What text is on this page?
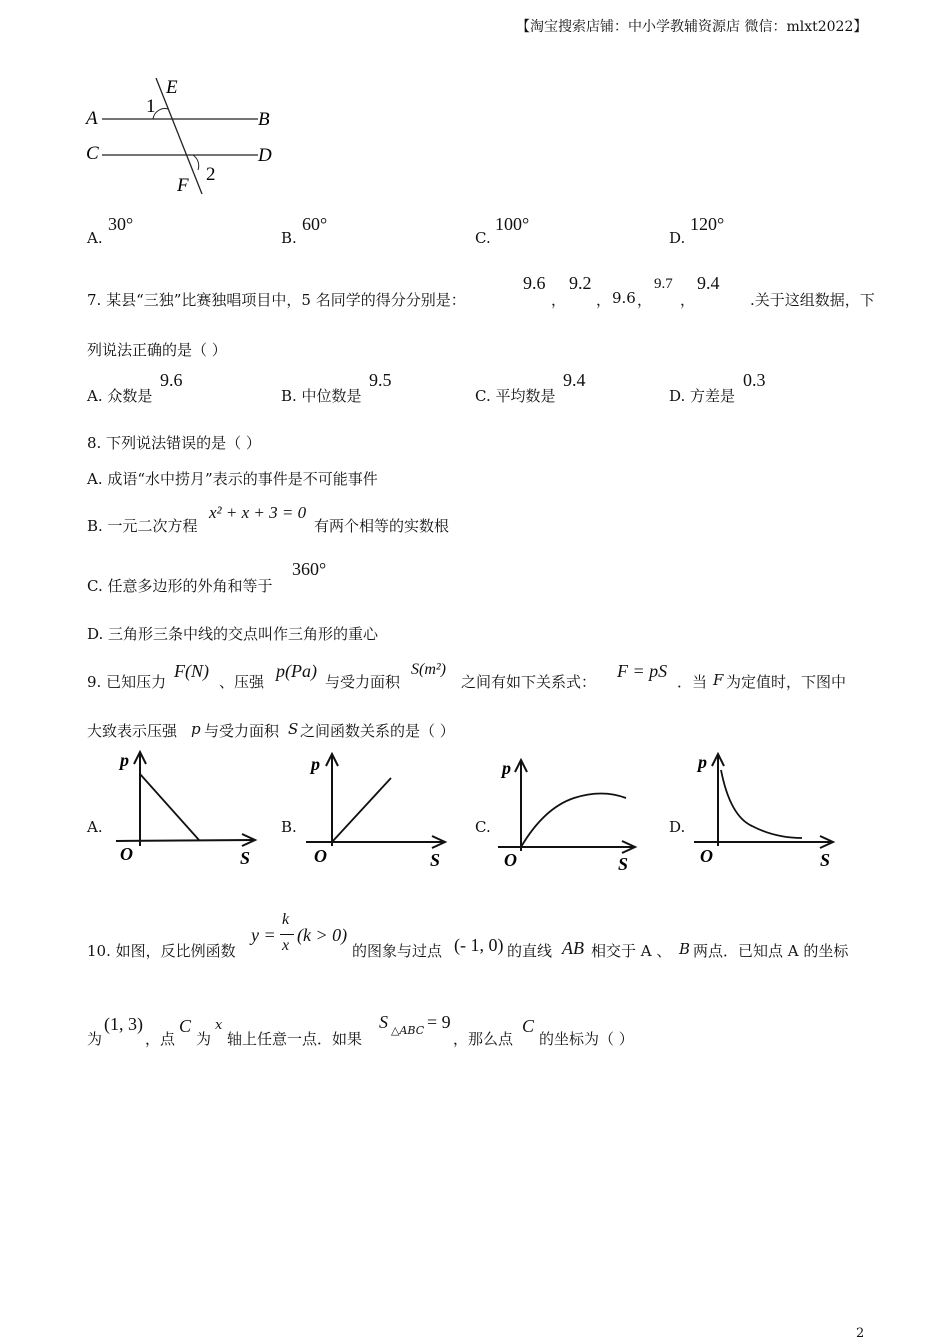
【淘宝搜索店铺：中小学教辅资源店 微信：mlxt2022】
A	B
C	D
E
F
1
2
A.
30°
B.
60°
C.
100°
D.
120°
7. 某县“三独”比赛独唱项目中，5 名同学的得分分别是：
9.6
，
9.2
， 9.6 ，
9.7
，
9.4
.关于这组数据，下
列说法正确的是（ ）
A. 众数是
9.6
B. 中位数是
9.5
C. 平均数是
9.4
D. 方差是
0.3
8. 下列说法错误的是（ ）
A. 成语“水中捞月”表示的事件是不可能事件
B. 一元二次方程
x² + x + 3 = 0
有两个相等的实数根
C. 任意多边形的外角和等于
360°
D. 三角形三条中线的交点叫作三角形的重心
9. 已知压力
F(N)
、压强
p(Pa)
与受力面积
S(m²)
之间有如下关系式：
F = pS
．当 F 为定值时，下图中
大致表示压强 p 与受力面积 S 之间函数关系的是（ ）
A.
p
O	S
B.
p
O	S
C.
p
O	S
D.
p
O	S
10. 如图，反比例函数
y =
k
x
(k > 0)
的图象与过点 (- 1, 0) 的直线 AB 相交于 A 、 B 两点．已知点 A 的坐标
为
(1, 3)
，点
C
为
x
轴上任意一点．如果
S △ABC = 9
，那么点
C
的坐标为（ ）
2
